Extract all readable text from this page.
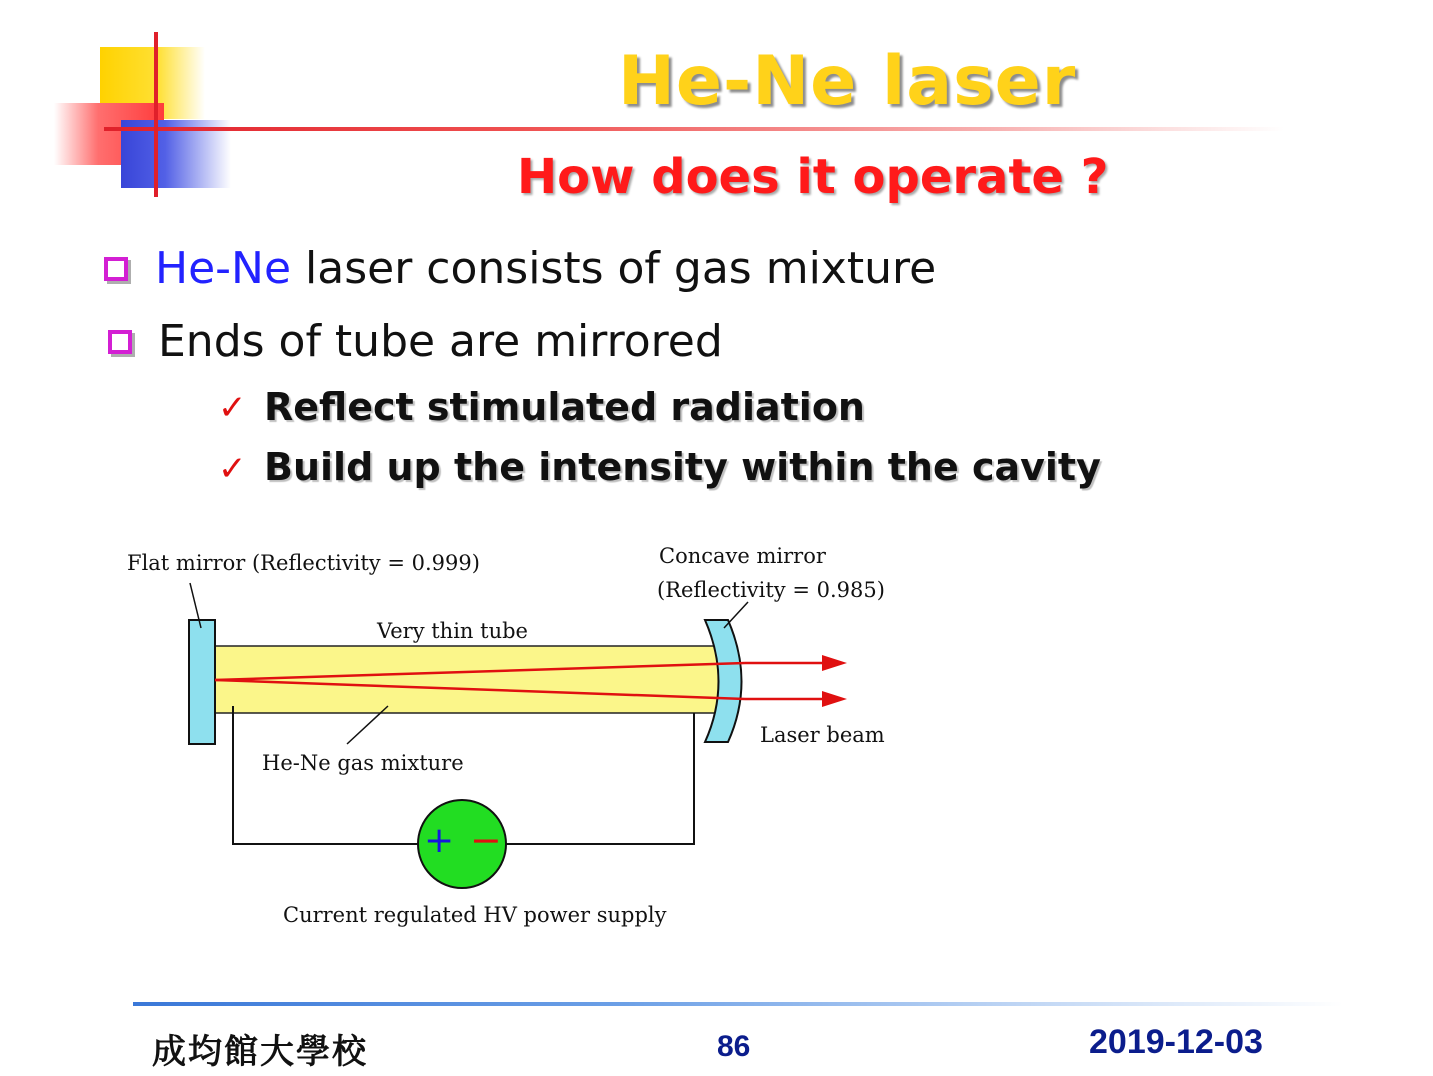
He-Ne laser
How does it operate ?
He-Ne laser consists of gas mixture
Ends of tube are mirrored
✓ Reflect stimulated radiation
✓ Build up the intensity within the cavity
+ −
Flat mirror (Reflectivity = 0.999)	Concave mirror
(Reflectivity = 0.985)
Very thin tube
He-Ne gas mixture
Laser beam
Current regulated HV power supply
成均館大學校	86	2019-12-03
